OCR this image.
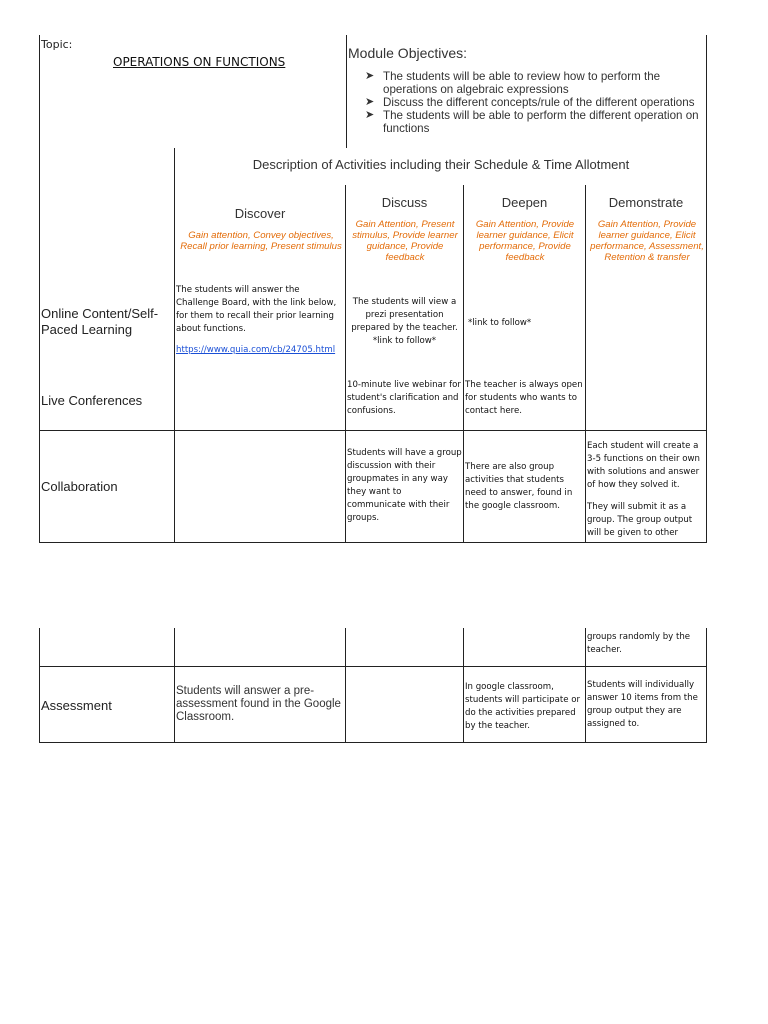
Topic:
OPERATIONS ON FUNCTIONS
Module Objectives:
➤ The students will be able to review how to perform the operations on algebraic expressions
➤ Discuss the different concepts/rule of the different operations
➤ The students will be able to perform the different operation on functions
Description of Activities including their Schedule & Time Allotment
Discover
Gain attention, Convey objectives, Recall prior learning, Present stimulus
Discuss
Gain Attention, Present stimulus, Provide learner guidance, Provide feedback
Deepen
Gain Attention, Provide learner guidance, Elicit performance, Provide feedback
Demonstrate
Gain Attention, Provide learner guidance, Elicit performance, Assessment, Retention & transfer
Online Content/Self-Paced Learning
The students will answer the Challenge Board, with the link below, for them to recall their prior learning about functions.
https://www.quia.com/cb/24705.html
The students will view a prezi presentation prepared by the teacher. *link to follow*
*link to follow*
Live Conferences
10-minute live webinar for student's clarification and confusions.
The teacher is always open for students who wants to contact here.
Collaboration
Students will have a group discussion with their groupmates in any way they want to communicate with their groups.
There are also group activities that students need to answer, found in the google classroom.
Each student will create a 3-5 functions on their own with solutions and answer of how they solved it.
They will submit it as a group. The group output will be given to other
groups randomly by the teacher.
Assessment
Students will answer a pre-assessment found in the Google Classroom.
In google classroom, students will participate or do the activities prepared by the teacher.
Students will individually answer 10 items from the group output they are assigned to.
